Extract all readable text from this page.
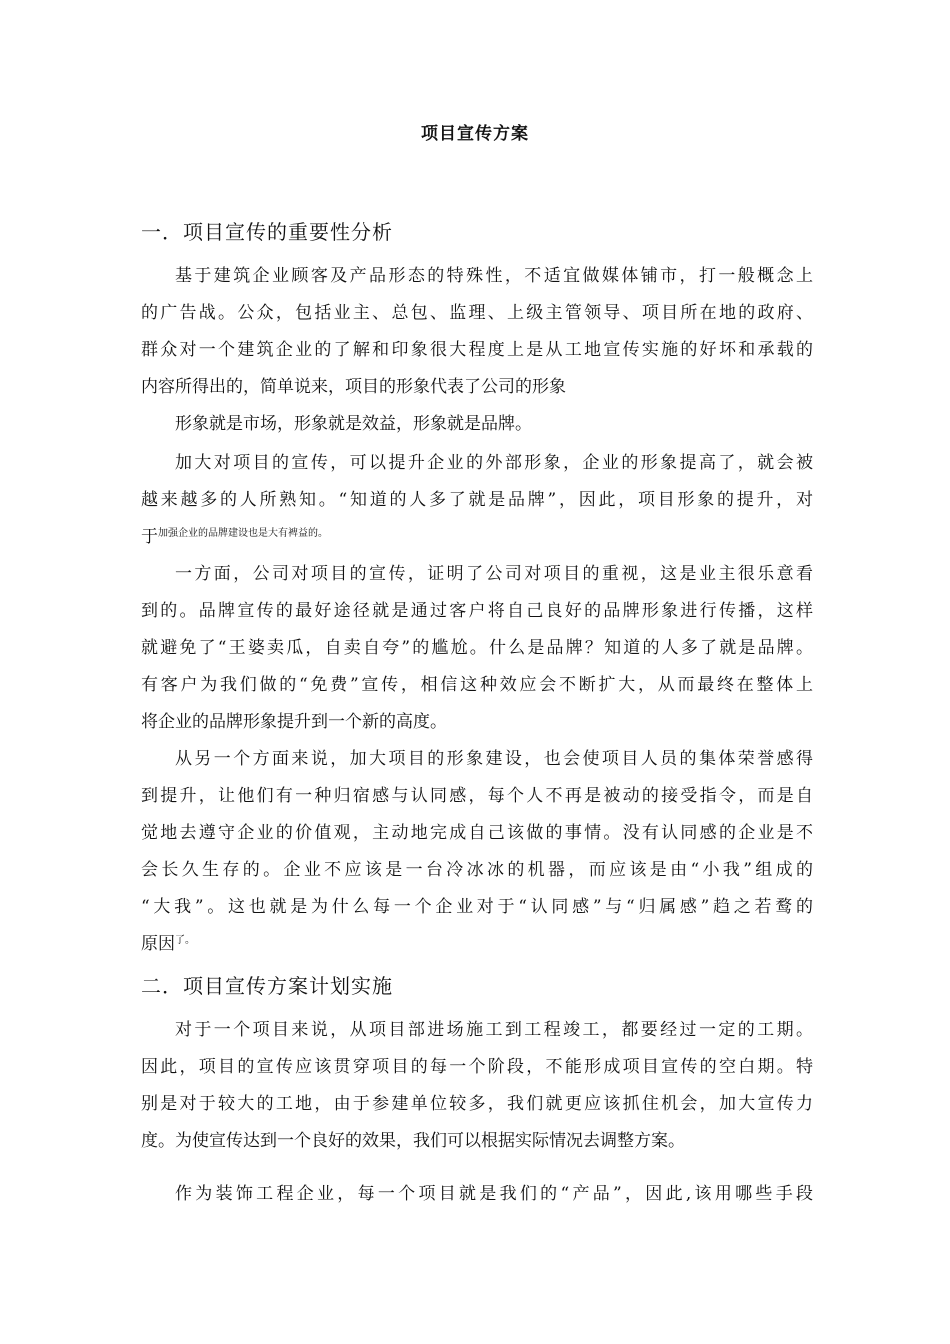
项目宣传方案
一．项目宣传的重要性分析
基于建筑企业顾客及产品形态的特殊性，不适宜做媒体铺市，打一般概念上
的广告战。公众，包括业主、总包、监理、上级主管领导、项目所在地的政府、
群众对一个建筑企业的了解和印象很大程度上是从工地宣传实施的好坏和承载的
内容所得出的，简单说来，项目的形象代表了公司的形象
形象就是市场，形象就是效益，形象就是品牌。
加大对项目的宣传，可以提升企业的外部形象，企业的形象提高了，就会被
越来越多的人所熟知。“知道的人多了就是品牌”，因此，项目形象的提升，对
于$^{加强企业的品牌建设也是大有裨益的。}$
一方面，公司对项目的宣传，证明了公司对项目的重视，这是业主很乐意看
到的。品牌宣传的最好途径就是通过客户将自己良好的品牌形象进行传播，这样
就避免了“王婆卖瓜，自卖自夸”的尴尬。什么是品牌？知道的人多了就是品牌。
有客户为我们做的“免费”宣传，相信这种效应会不断扩大，从而最终在整体上
将企业的品牌形象提升到一个新的高度。
从另一个方面来说，加大项目的形象建设，也会使项目人员的集体荣誉感得
到提升，让他们有一种归宿感与认同感，每个人不再是被动的接受指令，而是自
觉地去遵守企业的价值观，主动地完成自己该做的事情。没有认同感的企业是不
会长久生存的。企业不应该是一台冷冰冰的机器，而应该是由“小我”组成的
“大我”。这也就是为什么每一个企业对于“认同感”与“归属感”趋之若鹜的
原因$^{了。}$
二．项目宣传方案计划实施
对于一个项目来说，从项目部进场施工到工程竣工，都要经过一定的工期。
因此，项目的宣传应该贯穿项目的每一个阶段，不能形成项目宣传的空白期。特
别是对于较大的工地，由于参建单位较多，我们就更应该抓住机会，加大宣传力
度。为使宣传达到一个良好的效果，我们可以根据实际情况去调整方案。
作为装饰工程企业，每一个项目就是我们的“产品”，因此,该用哪些手段
